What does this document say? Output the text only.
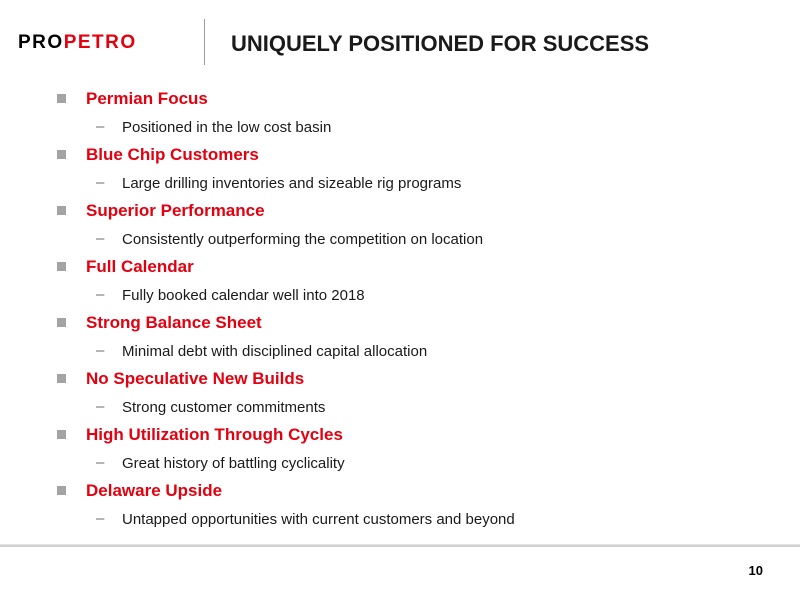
PROPETRO	UNIQUELY POSITIONED FOR SUCCESS
Permian Focus
– Positioned in the low cost basin
Blue Chip Customers
– Large drilling inventories and sizeable rig programs
Superior Performance
– Consistently outperforming the competition on location
Full Calendar
– Fully booked calendar well into 2018
Strong Balance Sheet
– Minimal debt with disciplined capital allocation
No Speculative New Builds
– Strong customer commitments
High Utilization Through Cycles
– Great history of battling cyclicality
Delaware Upside
– Untapped opportunities with current customers and beyond
10
